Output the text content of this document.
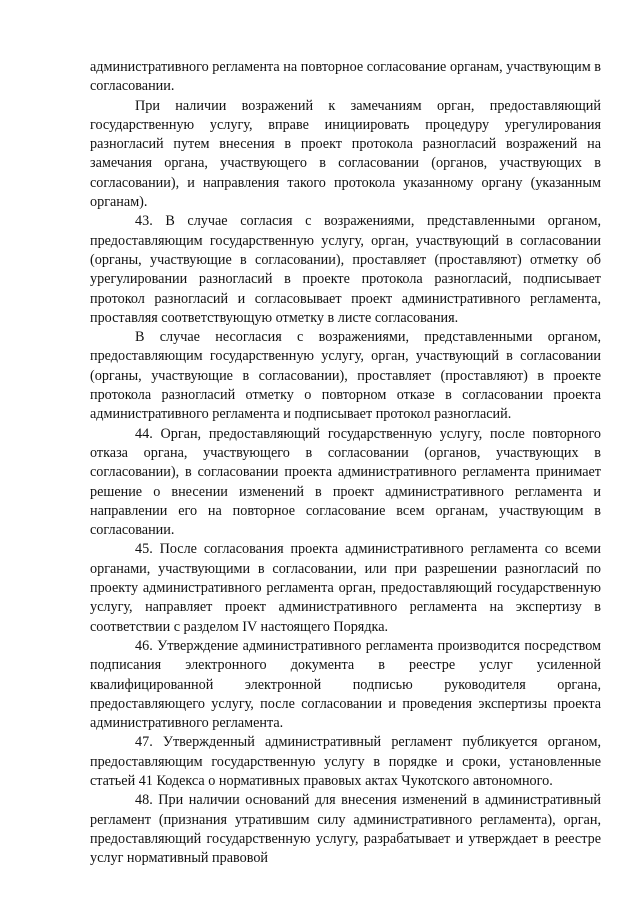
административного регламента на повторное согласование органам, участвующим в согласовании.

При наличии возражений к замечаниям орган, предоставляющий государственную услугу, вправе инициировать процедуру урегулирования разногласий путем внесения в проект протокола разногласий возражений на замечания органа, участвующего в согласовании (органов, участвующих в согласовании), и направления такого протокола указанному органу (указанным органам).

43. В случае согласия с возражениями, представленными органом, предоставляющим государственную услугу, орган, участвующий в согласовании (органы, участвующие в согласовании), проставляет (проставляют) отметку об урегулировании разногласий в проекте протокола разногласий, подписывает протокол разногласий и согласовывает проект административного регламента, проставляя соответствующую отметку в листе согласования.

В случае несогласия с возражениями, представленными органом, предоставляющим государственную услугу, орган, участвующий в согласовании (органы, участвующие в согласовании), проставляет (проставляют) в проекте протокола разногласий отметку о повторном отказе в согласовании проекта административного регламента и подписывает протокол разногласий.

44. Орган, предоставляющий государственную услугу, после повторного отказа органа, участвующего в согласовании (органов, участвующих в согласовании), в согласовании проекта административного регламента принимает решение о внесении изменений в проект административного регламента и направлении его на повторное согласование всем органам, участвующим в согласовании.

45. После согласования проекта административного регламента со всеми органами, участвующими в согласовании, или при разрешении разногласий по проекту административного регламента орган, предоставляющий государственную услугу, направляет проект административного регламента на экспертизу в соответствии с разделом IV настоящего Порядка.

46. Утверждение административного регламента производится посредством подписания электронного документа в реестре услуг усиленной квалифицированной электронной подписью руководителя органа, предоставляющего услугу, после согласовании и проведения экспертизы проекта административного регламента.

47. Утвержденный административный регламент публикуется органом, предоставляющим государственную услугу в порядке и сроки, установленные статьей 41 Кодекса о нормативных правовых актах Чукотского автономного.

48. При наличии оснований для внесения изменений в административный регламент (признания утратившим силу административного регламента), орган, предоставляющий государственную услугу, разрабатывает и утверждает в реестре услуг нормативный правовой
